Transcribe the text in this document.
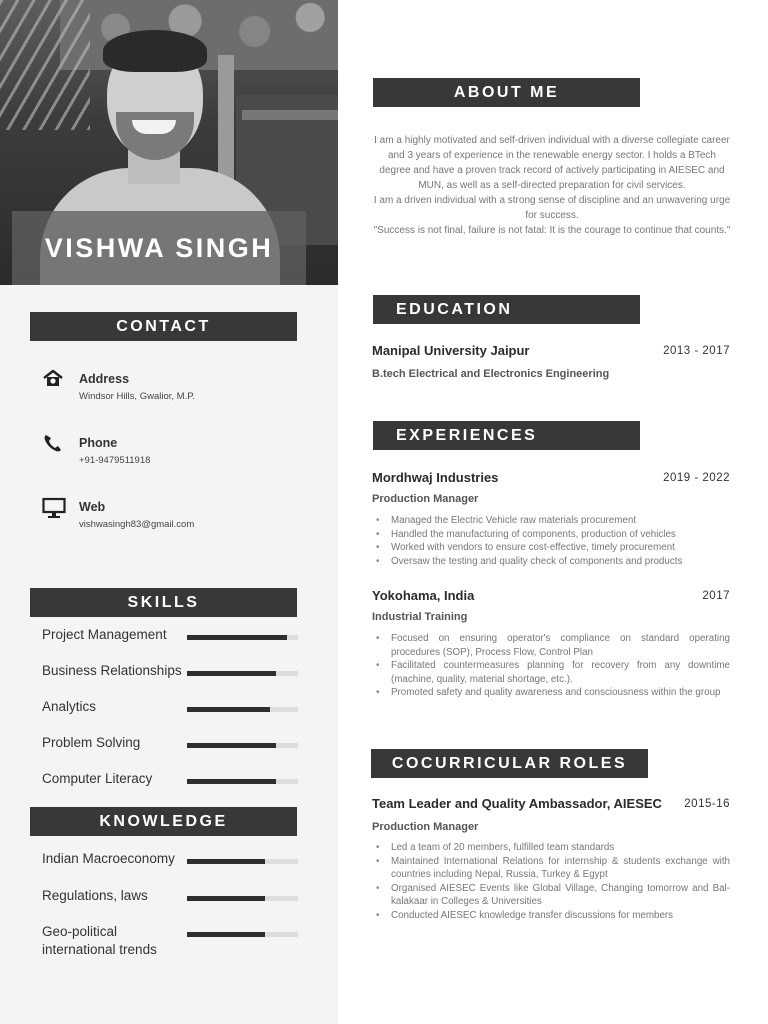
VISHWA SINGH
CONTACT
Address
Windsor Hills, Gwalior, M.P.
Phone
+91-9479511918
Web
vishwasingh83@gmail.com
SKILLS
Project Management
Business Relationships
Analytics
Problem Solving
Computer Literacy
KNOWLEDGE
Indian Macroeconomy
Regulations, laws
Geo-political
international trends
ABOUT ME

I am a highly motivated and self-driven individual with a diverse collegiate career and 3 years of experience in the renewable energy sector. I holds a BTech degree and have a proven track record of actively participating in AIESEC and MUN, as well as a self-directed preparation for civil services.

I am a driven individual with a strong sense of discipline and an unwavering urge for success.

"Success is not final, failure is not fatal: It is the courage to continue that counts."

EDUCATION
Manipal University Jaipur	2013 - 2017
B.tech Electrical and Electronics Engineering
EXPERIENCES
Mordhwaj Industries	2019 - 2022
Production Manager
• Managed the Electric Vehicle raw materials procurement
• Handled the manufacturing of components, production of vehicles
• Worked with vendors to ensure cost-effective, timely procurement
• Oversaw the testing and quality check of components and products
Yokohama, India	2017
Industrial Training
• Focused on ensuring operator's compliance on standard operating procedures (SOP), Process Flow, Control Plan
• Facilitated countermeasures planning for recovery from any downtime (machine, quality, material shortage, etc.).
• Promoted safety and quality awareness and consciousness within the group
COCURRICULAR ROLES
Team Leader and Quality Ambassador, AIESEC 2015-16
Production Manager
• Led a team of 20 members, fulfilled team standards
• Maintained International Relations for internship & students exchange with countries including Nepal, Russia, Turkey & Egypt
• Organised AIESEC Events like Global Village, Changing tomorrow and Bal-kalakaar in Colleges & Universities
• Conducted AIESEC knowledge transfer discussions for members
